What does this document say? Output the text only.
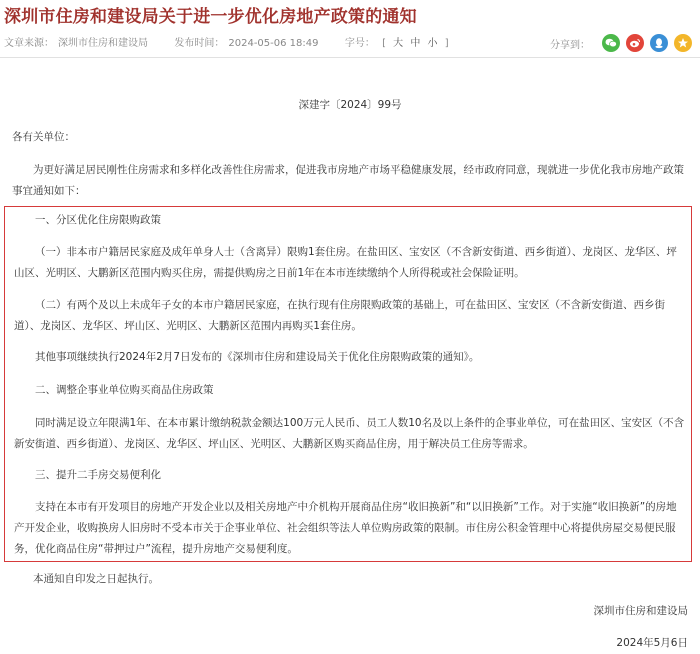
深圳市住房和建设局关于进一步优化房地产政策的通知
文章来源： 深圳市住房和建设局	发布时间： 2024-05-06 18:49	字号： [ 大 中 小 ]	分享到：

深建字〔2024〕99号

各有关单位：

为更好满足居民刚性住房需求和多样化改善性住房需求，促进我市房地产市场平稳健康发展，经市政府同意，现就进一步优化我市房地产政策事宜通知如下：

一、分区优化住房限购政策

（一）非本市户籍居民家庭及成年单身人士（含离异）限购1套住房。在盐田区、宝安区（不含新安街道、西乡街道）、龙岗区、龙华区、坪山区、光明区、大鹏新区范围内购买住房，需提供购房之日前1年在本市连续缴纳个人所得税或社会保险证明。

（二）有两个及以上未成年子女的本市户籍居民家庭，在执行现有住房限购政策的基础上，可在盐田区、宝安区（不含新安街道、西乡街道）、龙岗区、龙华区、坪山区、光明区、大鹏新区范围内再购买1套住房。

其他事项继续执行2024年2月7日发布的《深圳市住房和建设局关于优化住房限购政策的通知》。

二、调整企事业单位购买商品住房政策

同时满足设立年限满1年、在本市累计缴纳税款金额达100万元人民币、员工人数10名及以上条件的企事业单位，可在盐田区、宝安区（不含新安街道、西乡街道）、龙岗区、龙华区、坪山区、光明区、大鹏新区购买商品住房，用于解决员工住房等需求。

三、提升二手房交易便利化

支持在本市有开发项目的房地产开发企业以及相关房地产中介机构开展商品住房“收旧换新”和“以旧换新”工作。对于实施“收旧换新”的房地产开发企业，收购换房人旧房时不受本市关于企事业单位、社会组织等法人单位购房政策的限制。市住房公积金管理中心将提供房屋交易便民服务，优化商品住房“带押过户”流程，提升房地产交易便利度。

本通知自印发之日起执行。

深圳市住房和建设局

2024年5月6日
